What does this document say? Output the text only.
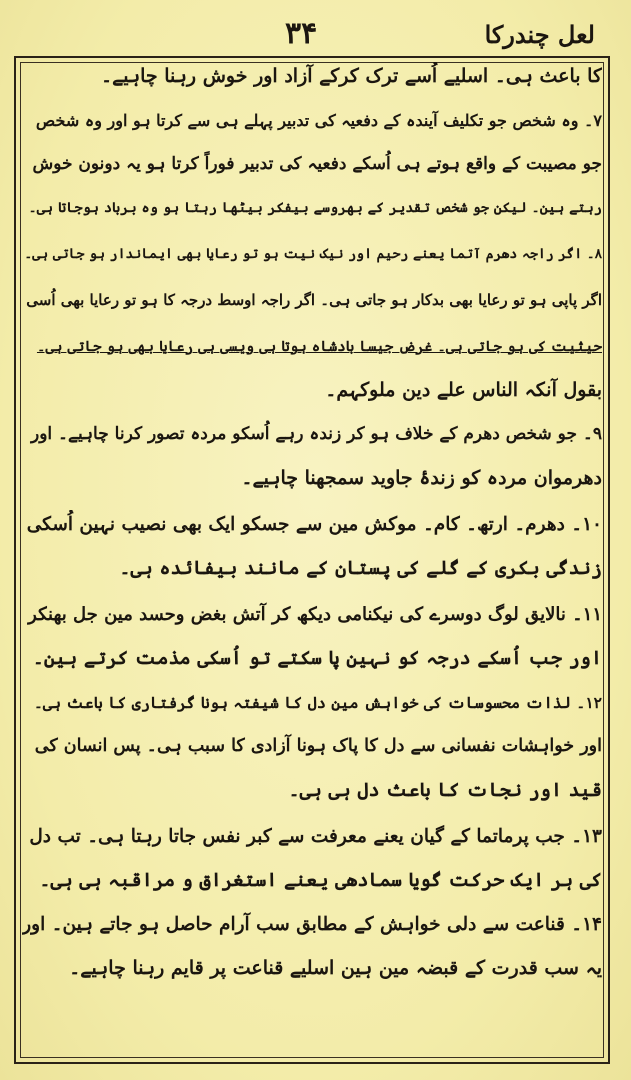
۳۴	لعل چندرکا
کا باعث ہی۔ اسلیے اُسے ترک کرکے آزاد اور خوش رہنا چاہیے۔
۷۔ وہ شخص جو تکلیف آیندہ کے دفعیہ کی تدبیر پہلے ہی سے کرتا ہو اور وہ شخص
جو مصیبت کے واقع ہوتے ہی اُسکے دفعیہ کی تدبیر فوراً کرتا ہو یہ دونون خوش
رہتے ہین۔ لیکن جو شخص تقدیر کے بھروسے بیفکر بیٹھا رہتا ہو وہ برباد ہوجاتا ہی۔
۸۔ اگر راجہ دھرم آتما یعنے رحیم اور نیک نیت ہو تو رعایا بھی ایماندار ہو جاتی ہی۔
اگر پاپی ہو تو رعایا بھی بدکار ہو جاتی ہی۔ اگر راجہ اوسط درجہ کا ہو تو رعایا بھی اُسی
حیثیت کی ہو جاتی ہی۔ غرض جیسا بادشاہ ہوتا ہی ویسی ہی رعایا بھی ہو جاتی ہی۔
بقول آنکہ الناس علے دین ملوکہم۔
۹۔ جو شخص دھرم کے خلاف ہو کر زندہ رہے اُسکو مردہ تصور کرنا چاہیے۔ اور
دھرموان مردہ کو زندۂ جاوید سمجھنا چاہیے۔
۱۰۔ دھرم۔ ارتھ۔ کام۔ موکش مین سے جسکو ایک بھی نصیب نہین اُسکی
زندگی بکری کے گلے کی پستان کے مانند بیفائدہ ہی۔
۱۱۔ نالایق لوگ دوسرے کی نیکنامی دیکھ کر آتش بغض وحسد مین جل بھنکر
اور جب اُسکے درجہ کو نہین پا سکتے تو اُسکی مذمت کرتے ہین۔
۱۲۔ لذات محسوسات کی خواہش مین دل کا شیفتہ ہونا گرفتاری کا باعث ہی۔
اور خواہشات نفسانی سے دل کا پاک ہونا آزادی کا سبب ہی۔ پس انسان کی
قید اور نجات کا باعث دل ہی ہی۔
۱۳۔ جب پرماتما کے گیان یعنے معرفت سے کبر نفس جاتا رہتا ہی۔ تب دل
کی ہر ایک حرکت گویا سمادھی یعنے استغراق و مراقبہ ہی ہی۔
۱۴۔ قناعت سے دلی خواہش کے مطابق سب آرام حاصل ہو جاتے ہین۔ اور
یہ سب قدرت کے قبضہ مین ہین اسلیے قناعت پر قایم رہنا چاہیے۔
